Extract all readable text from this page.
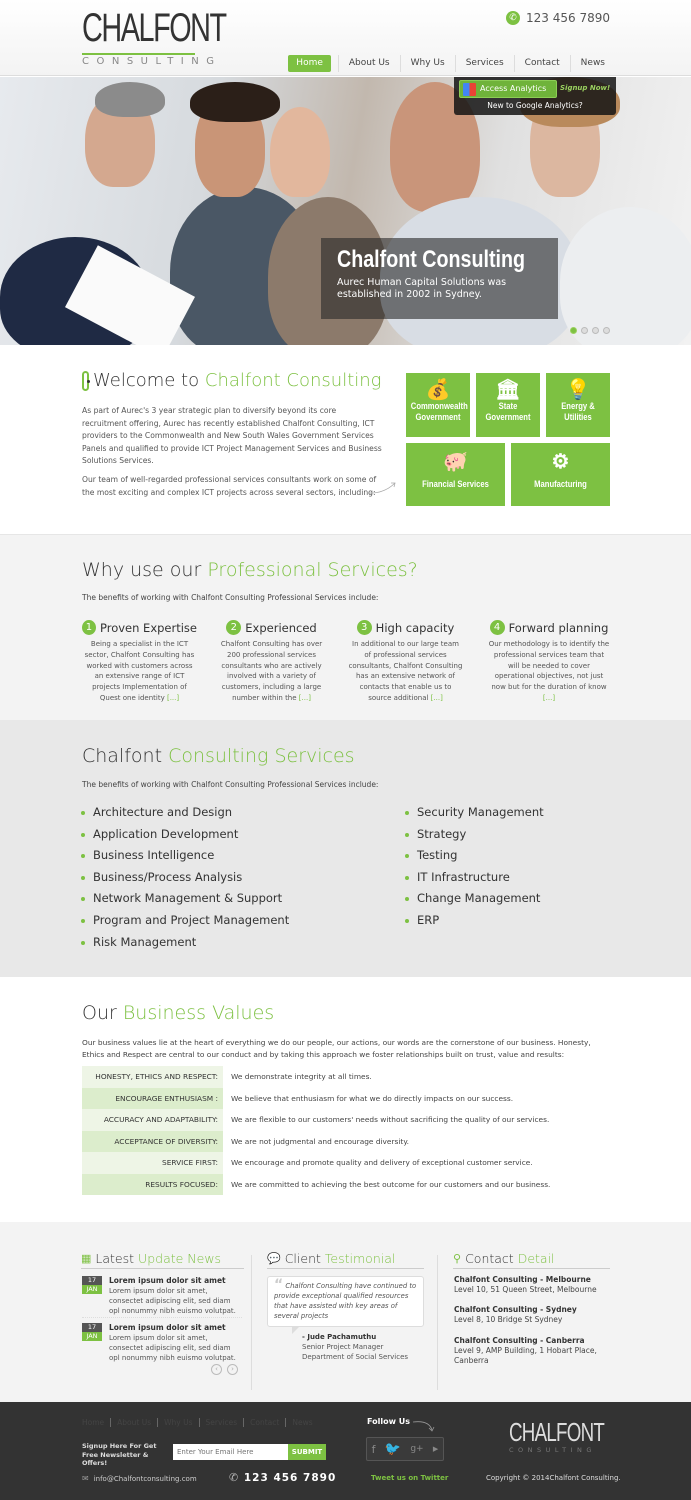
CHALFONT
CONSULTING
✆ 123 456 7890
Home	About Us	Why Us	Services	Contact	News
Access Analytics	Signup Now!
New to Google Analytics?
Chalfont Consulting
Aurec Human Capital Solutions was established in 2002 in Sydney.
Welcome to
Chalfont Consulting

As part of Aurec's 3 year strategic plan to diversify beyond its core recruitment offering, Aurec has recently established Chalfont Consulting, ICT providers to the Commonwealth and New South Wales Government Services Panels and qualified to provide ICT Project Management Services and Business Solutions Services.

Our team of well-regarded professional services consultants work on some of the most exciting and complex ICT projects across several sectors, including:

💰
Commonwealth
Government
🏛
State
Government
💡
Energy &
Utilities
🐖
Financial Services
⚙
Manufacturing
Why use our Professional Services?
The benefits of working with Chalfont Consulting Professional Services include:
1 Proven Expertise

Being a specialist in the ICT sector, Chalfont Consulting has worked with customers across an extensive range of ICT projects Implementation of Quest one identity [...]

2 Experienced

Chalfont Consulting has over 200 professional services consultants who are actively involved with a variety of customers, including a large number within the [...]

3 High capacity

In additional to our large team of professional services consultants, Chalfont Consulting has an extensive network of contacts that enable us to source additional [...]

4 Forward planning

Our methodology is to identify the professional services team that will be needed to cover operational objectives, not just now but for the duration of know [...]

Chalfont Consulting Services
The benefits of working with Chalfont Consulting Professional Services include:
Architecture and Design
Application Development
Business Intelligence
Business/Process Analysis
Network Management & Support
Program and Project Management
Risk Management
Security Management
Strategy
Testing
IT Infrastructure
Change Management
ERP
Our Business Values

Our business values lie at the heart of everything we do our people, our actions, our words are the cornerstone of our business. Honesty, Ethics and Respect are central to our conduct and by taking this approach we foster relationships built on trust, value and results:

HONESTY, ETHICS AND RESPECT:	We demonstrate integrity at all times.
ENCOURAGE ENTHUSIASM :	We believe that enthusiasm for what we do directly impacts on our success.
ACCURACY AND ADAPTABILITY:	We are flexible to our customers' needs without sacrificing the quality of our services.
ACCEPTANCE OF DIVERSITY:	We are not judgmental and encourage diversity.
SERVICE FIRST:	We encourage and promote quality and delivery of exceptional customer service.
RESULTS FOCUSED:	We are committed to achieving the best outcome for our customers and our business.
▦ Latest Update News
17
JAN
Lorem ipsum dolor sit amet
Lorem ipsum dolor sit amet, consectet adipiscing elit, sed diam opl nonummy nibh euismo volutpat.
17
JAN
Lorem ipsum dolor sit amet
Lorem ipsum dolor sit amet, consectet adipiscing elit, sed diam opl nonummy nibh euismo volutpat.
‹	›
💬 Client Testimonial
“ Chalfont Consulting have continued to provide exceptional qualified resources that have assisted with key areas of several projects
- Jude Pachamuthu
Senior Project Manager
Department of Social Services
⚲ Contact Detail
Chalfont Consulting - Melbourne
Level 10, 51 Queen Street, Melbourne
Chalfont Consulting - Sydney
Level 8, 10 Bridge St Sydney
Chalfont Consulting - Canberra
Level 9, AMP Building, 1 Hobart Place, Canberra
Home	About Us	Why Us	Services	Contact	News
Signup Here For Get Free Newsletter & Offers!
Enter Your Email Here
SUBMIT
✉ info@Chalfontconsulting.com	✆ 123 456 7890
Follow Us
f 🐦 g+ ▶
Tweet us on Twitter
CHALFONT
CONSULTING
Copyright © 2014Chalfont Consulting.
